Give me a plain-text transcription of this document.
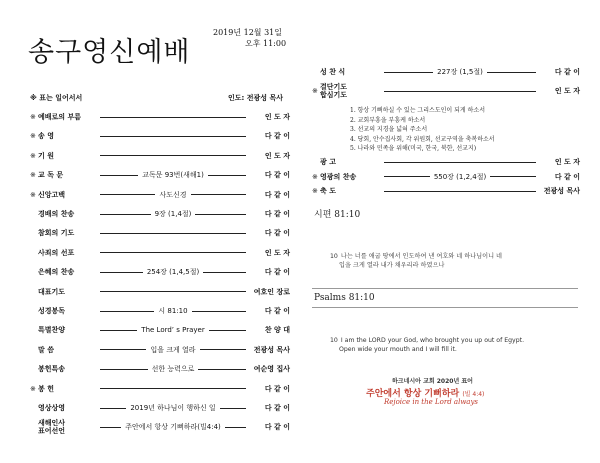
송구영신예배
2019년 12월 31일
오후 11:00
※ 표는 일어서서	인도: 전광성 목사
※ 예배로의 부름	인 도 자
※ 송 영	다 같 이
※ 기 원	인 도 자
※ 교 독 문	교독문 93번(새해1)	다 같 이
※ 신앙고백	사도신경	다 같 이
경배의 찬송	9장 (1,4절)	다 같 이
참회의 기도	다 같 이
사죄의 선포	인 도 자
은혜의 찬송	254장 (1,4,5절)	다 같 이
대표기도	여호인 장로
성경봉독	시 81:10	다 같 이
특별찬양	The Lord’ s Prayer	찬 양 대
말 씀	입을 크게 열라	전광성 목사
봉헌특송	선한 능력으로	여순영 집사
※ 봉 헌	다 같 이
영상상영	2019년 하나님이 행하신 일	다 같 이
새해인사
표어선언	주안에서 항상 기뻐하라(빌4:4)	다 같 이
성 찬 식	227장 (1,5절)	다 같 이
※ 결단기도
합심기도	인 도 자
1. 항상 기뻐하실 수 있는 그리스도인이 되게 하소서
2. 교회부흥을 부흥케 하소서
3. 선교의 지경을 넓혀 주소서
4. 당회, 안수집사회, 각 위원회, 선교구역을 축복하소서
5. 나라와 민족을 위해(미국, 한국, 북한, 선교지)
광 고	인 도 자
※ 영광의 찬송	550장 (1,2,4절)	다 같 이
※ 축 도	전광성 목사
시편 81:10
10 나는 너를 애굽 땅에서 인도하여 낸 여호와 네 하나님이니 네
입을 크게 열라 내가 채우리라 하였으나
Psalms 81:10
10 I am the LORD your God, who brought you up out of Egypt.
Open wide your mouth and I will fill it.
하크네시아 교회 2020년 표어
주안에서 항상 기뻐하라 (빌 4:4)
Rejoice in the Lord always
